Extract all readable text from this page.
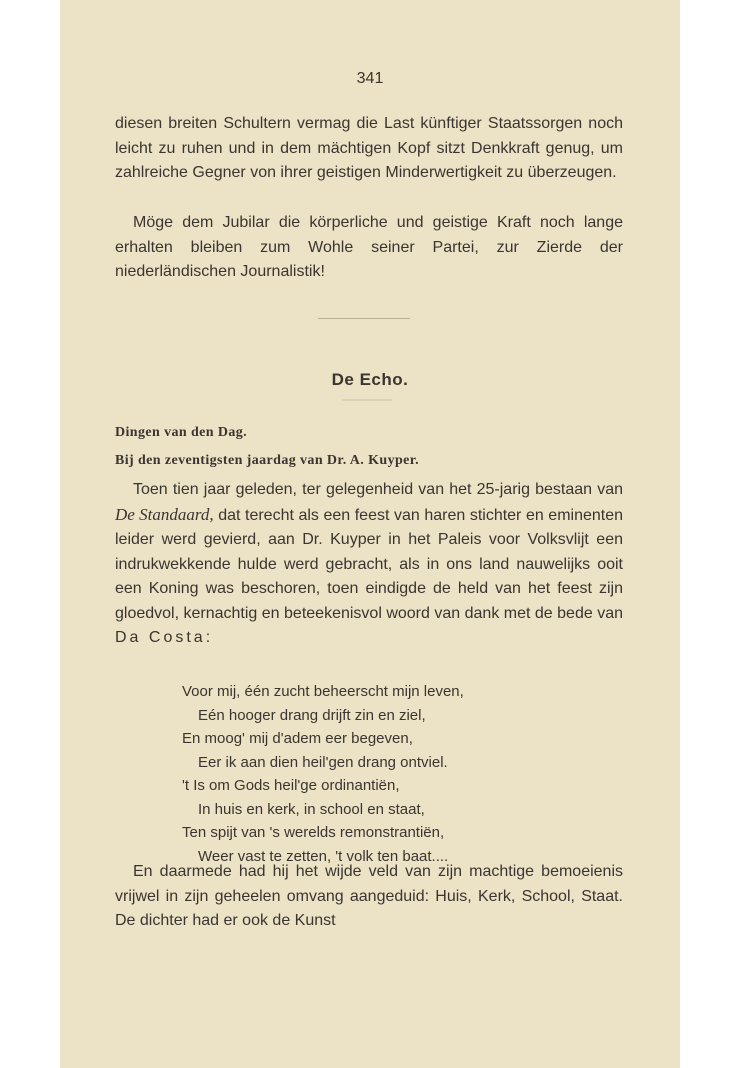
341

diesen breiten Schultern vermag die Last künftiger Staatssorgen noch leicht zu ruhen und in dem mächtigen Kopf sitzt Denkkraft genug, um zahlreiche Gegner von ihrer geistigen Minderwertigkeit zu überzeugen.

Möge dem Jubilar die körperliche und geistige Kraft noch lange erhalten bleiben zum Wohle seiner Partei, zur Zierde der niederländischen Journalistik!

De Echo.
Dingen van den Dag.
Bij den zeventigsten jaardag van Dr. A. Kuyper.

Toen tien jaar geleden, ter gelegenheid van het 25-jarig bestaan van De Standaard, dat terecht als een feest van haren stichter en eminenten leider werd gevierd, aan Dr. Kuyper in het Paleis voor Volksvlijt een indrukwekkende hulde werd gebracht, als in ons land nauwelijks ooit een Koning was beschoren, toen eindigde de held van het feest zijn gloedvol, kernachtig en beteekenisvol woord van dank met de bede van Da Costa:

Voor mij, één zucht beheerscht mijn leven,
Eén hooger drang drijft zin en ziel,
En moog' mij d'adem eer begeven,
Eer ik aan dien heil'gen drang ontviel.
't Is om Gods heil'ge ordinantiën,
In huis en kerk, in school en staat,
Ten spijt van 's werelds remonstrantiën,
Weer vast te zetten, 't volk ten baat....

En daarmede had hij het wijde veld van zijn machtige bemoeienis vrijwel in zijn geheelen omvang aangeduid: Huis, Kerk, School, Staat. De dichter had er ook de Kunst
